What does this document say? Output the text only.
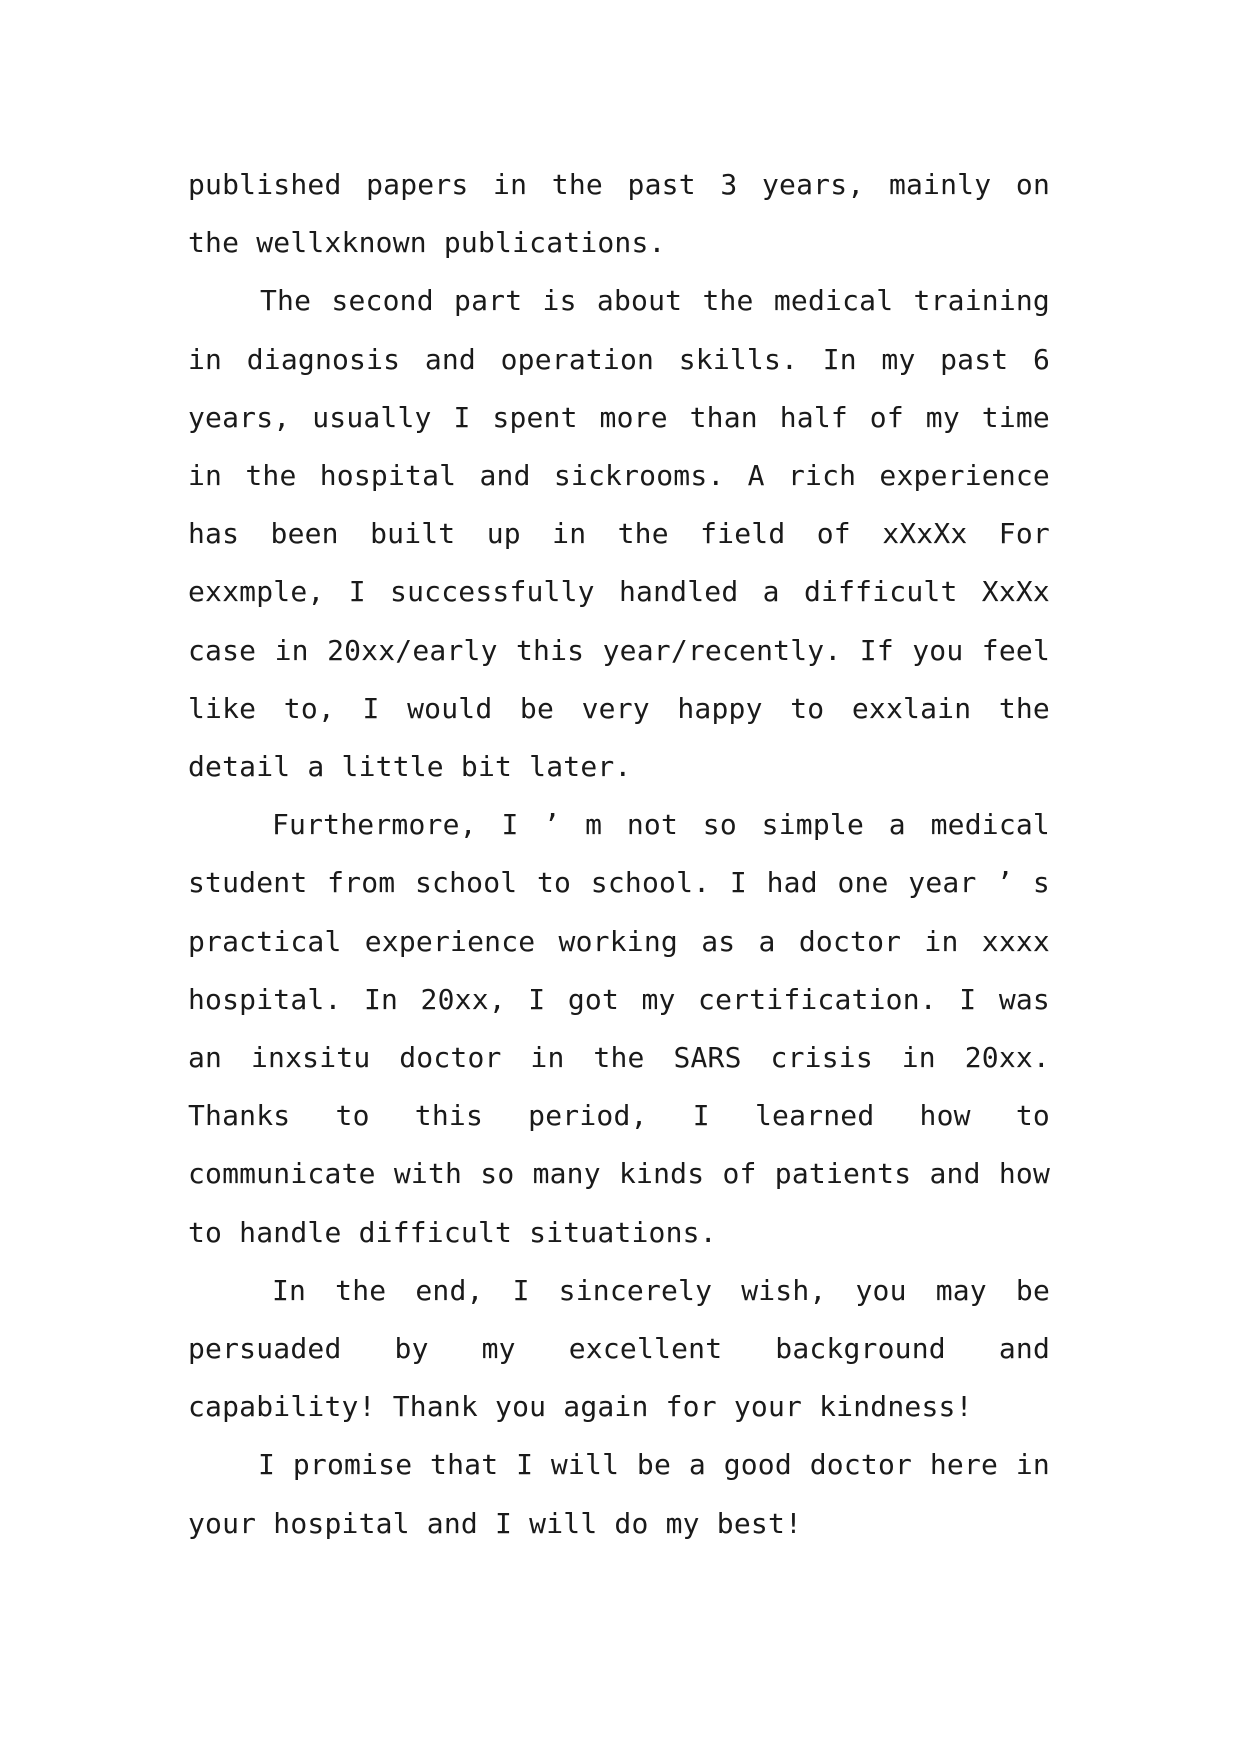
published papers in the past 3 years, mainly on the wellxknown publications.

The second part is about the medical training in diagnosis and operation skills. In my past 6 years, usually I spent more than half of my time in the hospital and sickrooms. A rich experience has been built up in the field of xXxXx For exxmple, I successfully handled a difficult XxXx case in 20xx/early this year/recently. If you feel like to, I would be very happy to exxlain the detail a little bit later.

Furthermore, I ’ m not so simple a medical student from school to school. I had one year ’ s practical experience working as a doctor in xxxx hospital. In 20xx, I got my certification. I was an inxsitu doctor in the SARS crisis in 20xx. Thanks to this period, I learned how to communicate with so many kinds of patients and how to handle difficult situations.

In the end, I sincerely wish, you may be persuaded by my excellent background and capability! Thank you again for your kindness!

I promise that I will be a good doctor here in your hospital and I will do my best!
